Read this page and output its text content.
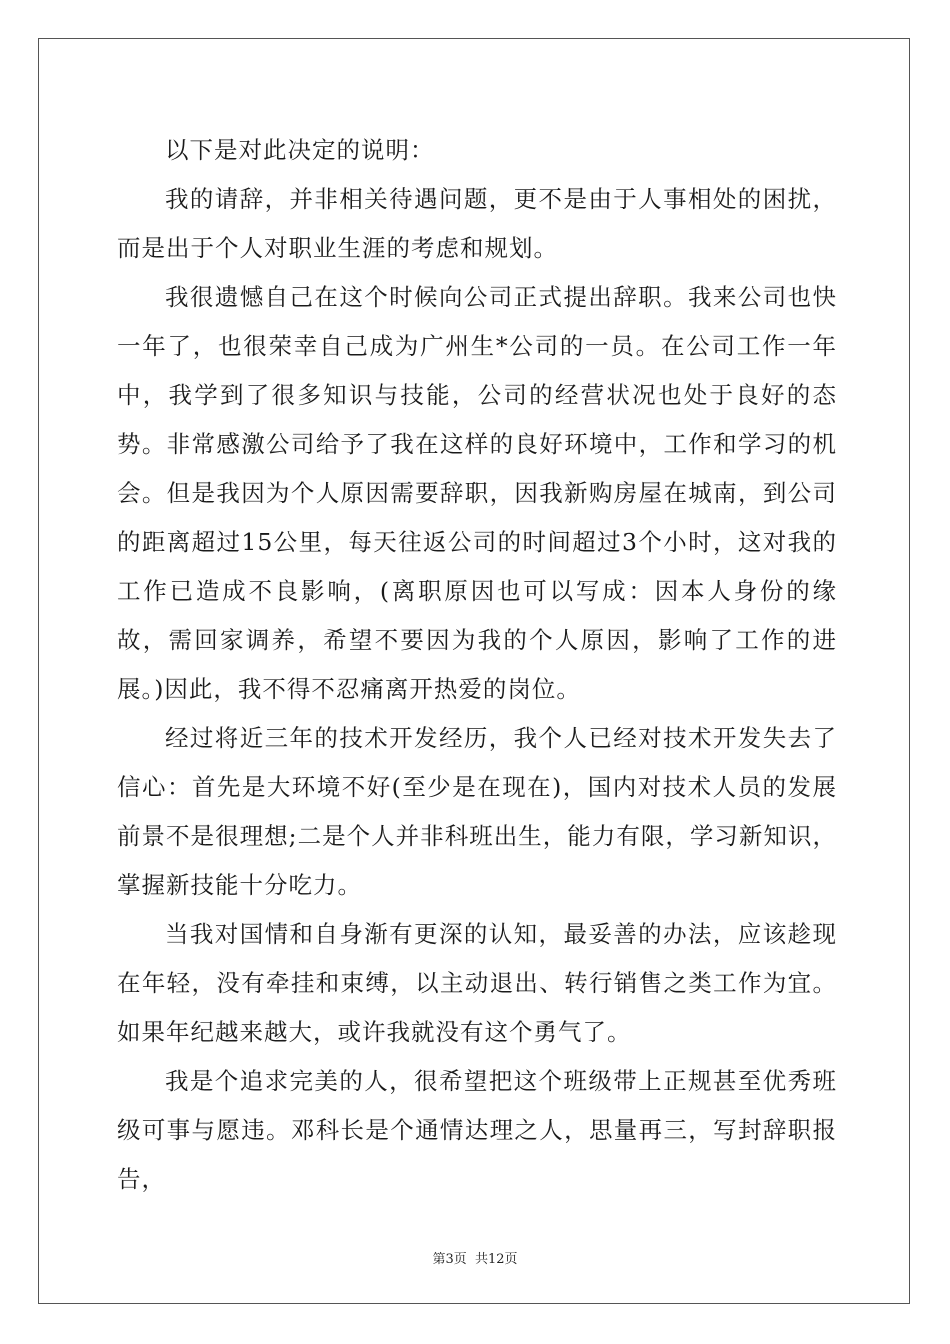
以下是对此决定的说明：

我的请辞，并非相关待遇问题，更不是由于人事相处的困扰，而是出于个人对职业生涯的考虑和规划。

我很遗憾自己在这个时候向公司正式提出辞职。我来公司也快一年了，也很荣幸自己成为广州生*公司的一员。在公司工作一年中，我学到了很多知识与技能，公司的经营状况也处于良好的态势。非常感激公司给予了我在这样的良好环境中，工作和学习的机会。但是我因为个人原因需要辞职，因我新购房屋在城南，到公司的距离超过15公里，每天往返公司的时间超过3个小时，这对我的工作已造成不良影响，(离职原因也可以写成：因本人身份的缘故，需回家调养，希望不要因为我的个人原因，影响了工作的进展。)因此，我不得不忍痛离开热爱的岗位。

经过将近三年的技术开发经历，我个人已经对技术开发失去了信心：首先是大环境不好(至少是在现在)，国内对技术人员的发展前景不是很理想;二是个人并非科班出生，能力有限，学习新知识，掌握新技能十分吃力。

当我对国情和自身渐有更深的认知，最妥善的办法，应该趁现在年轻，没有牵挂和束缚，以主动退出、转行销售之类工作为宜。如果年纪越来越大，或许我就没有这个勇气了。

我是个追求完美的人，很希望把这个班级带上正规甚至优秀班级可事与愿违。邓科长是个通情达理之人，思量再三，写封辞职报告，

第3页 共12页
